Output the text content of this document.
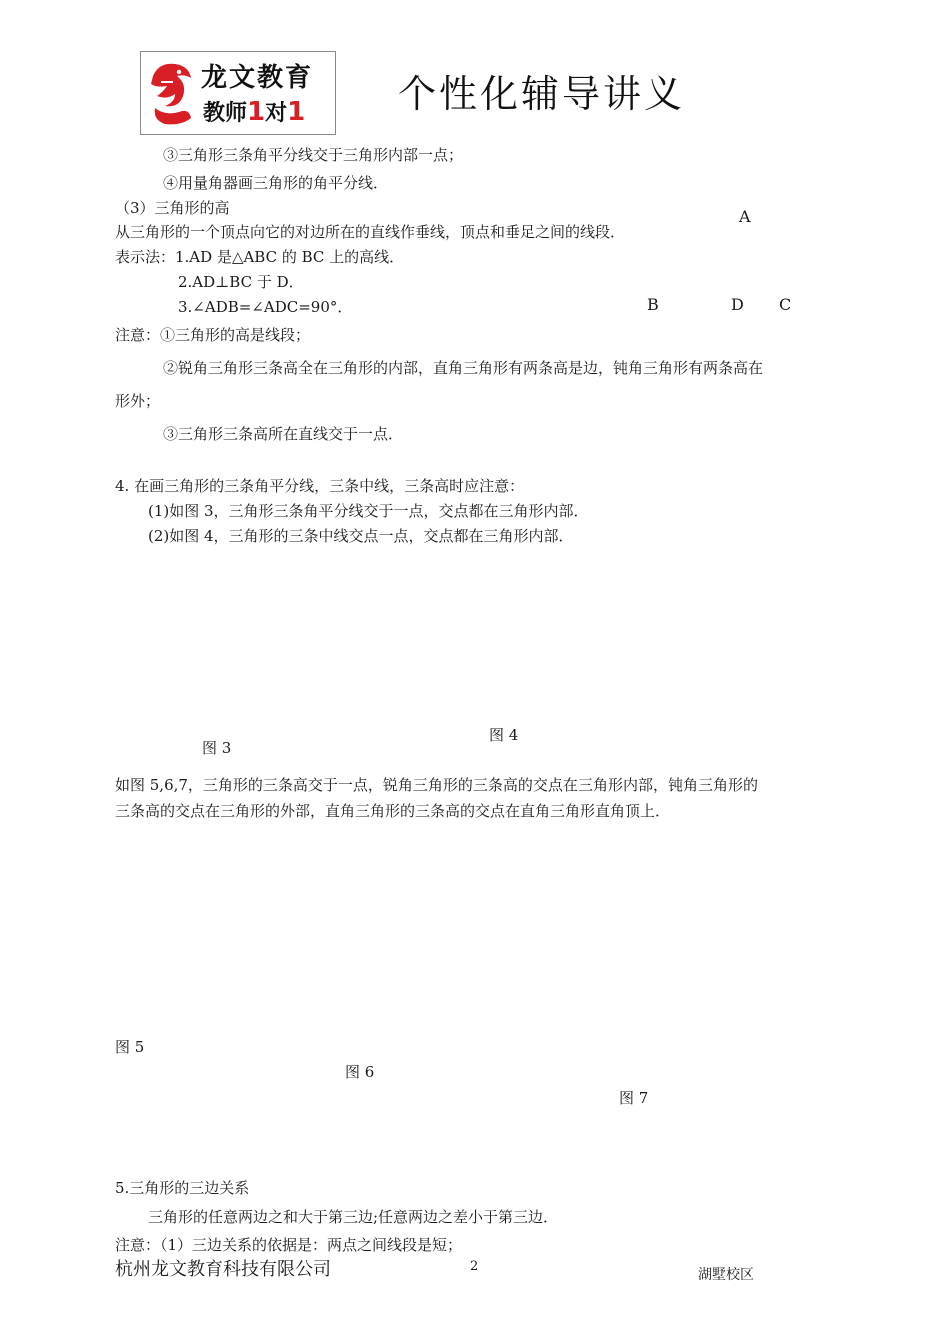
龙文教育
教师1对1 个性化辅导讲义
③三角形三条角平分线交于三角形内部一点；
④用量角器画三角形的角平分线．
（3）三角形的高
从三角形的一个顶点向它的对边所在的直线作垂线，顶点和垂足之间的线段．
表示法：1.AD 是△ABC 的 BC 上的高线．
2.AD⊥BC 于 D．
3.∠ADB=∠ADC=90°．
注意：①三角形的高是线段；
②锐角三角形三条高全在三角形的内部，直角三角形有两条高是边，钝角三角形有两条高在
形外；
③三角形三条高所在直线交于一点．
4. 在画三角形的三条角平分线，三条中线，三条高时应注意：
(1)如图 3，三角形三条角平分线交于一点，交点都在三角形内部．
(2)如图 4，三角形的三条中线交点一点，交点都在三角形内部．
如图 5,6,7，三角形的三条高交于一点，锐角三角形的三条高的交点在三角形内部，钝角三角形的
三条高的交点在三角形的外部，直角三角形的三条高的交点在直角三角形直角顶上．
5.三角形的三边关系
三角形的任意两边之和大于第三边;任意两边之差小于第三边．
注意：（1）三边关系的依据是：两点之间线段是短；
A
B	D C
图 3
图 4
图 5
图 6
图 7
杭州龙文教育科技有限公司	2
湖墅校区
